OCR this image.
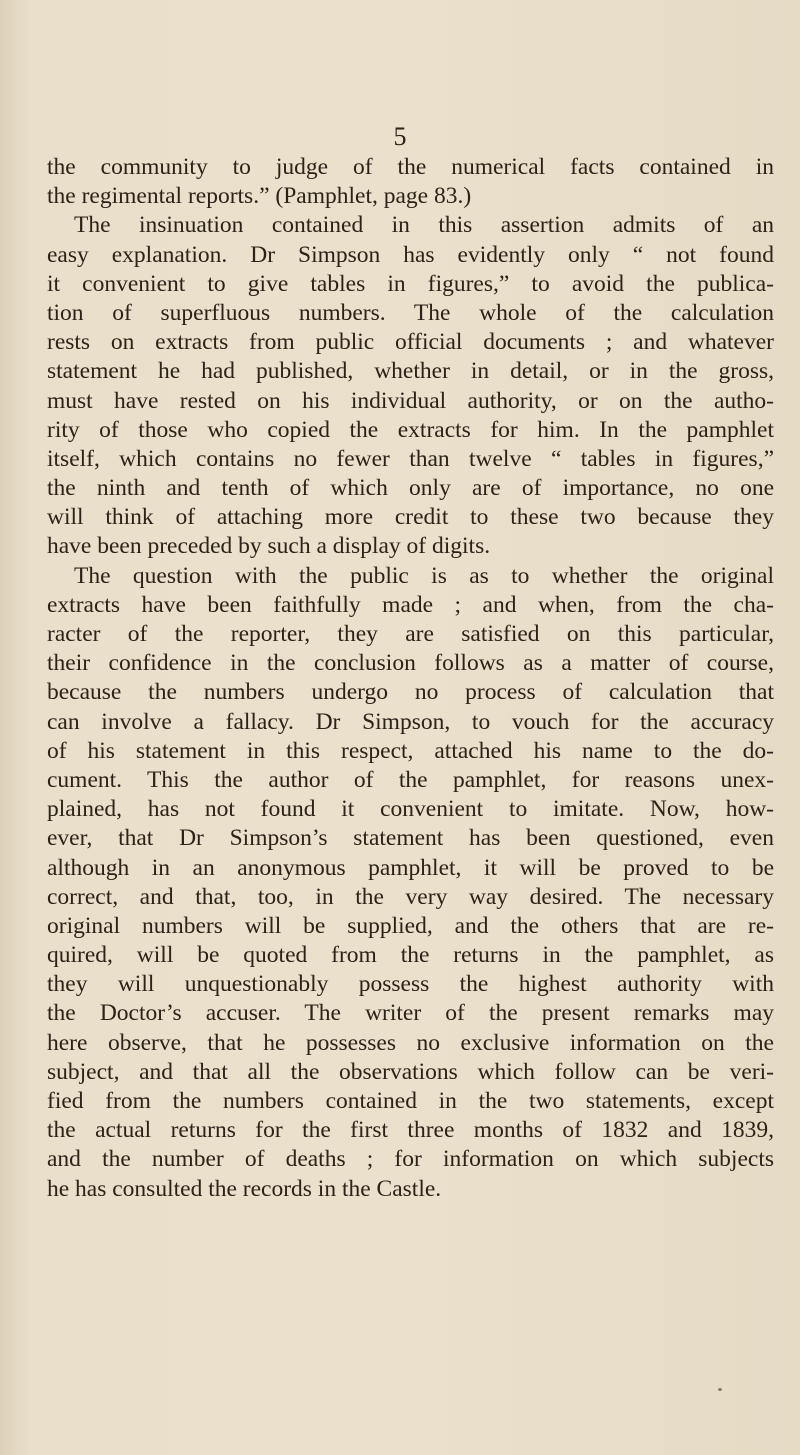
5
the community to judge of the numerical facts contained in
the regimental reports.” (Pamphlet, page 83.)
The insinuation contained in this assertion admits of an
easy explanation. Dr Simpson has evidently only “ not found
it convenient to give tables in figures,” to avoid the publica-
tion of superfluous numbers. The whole of the calculation
rests on extracts from public official documents ; and whatever
statement he had published, whether in detail, or in the gross,
must have rested on his individual authority, or on the autho-
rity of those who copied the extracts for him. In the pamphlet
itself, which contains no fewer than twelve “ tables in figures,”
the ninth and tenth of which only are of importance, no one
will think of attaching more credit to these two because they
have been preceded by such a display of digits.
The question with the public is as to whether the original
extracts have been faithfully made ; and when, from the cha-
racter of the reporter, they are satisfied on this particular,
their confidence in the conclusion follows as a matter of course,
because the numbers undergo no process of calculation that
can involve a fallacy. Dr Simpson, to vouch for the accuracy
of his statement in this respect, attached his name to the do-
cument. This the author of the pamphlet, for reasons unex-
plained, has not found it convenient to imitate. Now, how-
ever, that Dr Simpson’s statement has been questioned, even
although in an anonymous pamphlet, it will be proved to be
correct, and that, too, in the very way desired. The necessary
original numbers will be supplied, and the others that are re-
quired, will be quoted from the returns in the pamphlet, as
they will unquestionably possess the highest authority with
the Doctor’s accuser. The writer of the present remarks may
here observe, that he possesses no exclusive information on the
subject, and that all the observations which follow can be veri-
fied from the numbers contained in the two statements, except
the actual returns for the first three months of 1832 and 1839,
and the number of deaths ; for information on which subjects
he has consulted the records in the Castle.
